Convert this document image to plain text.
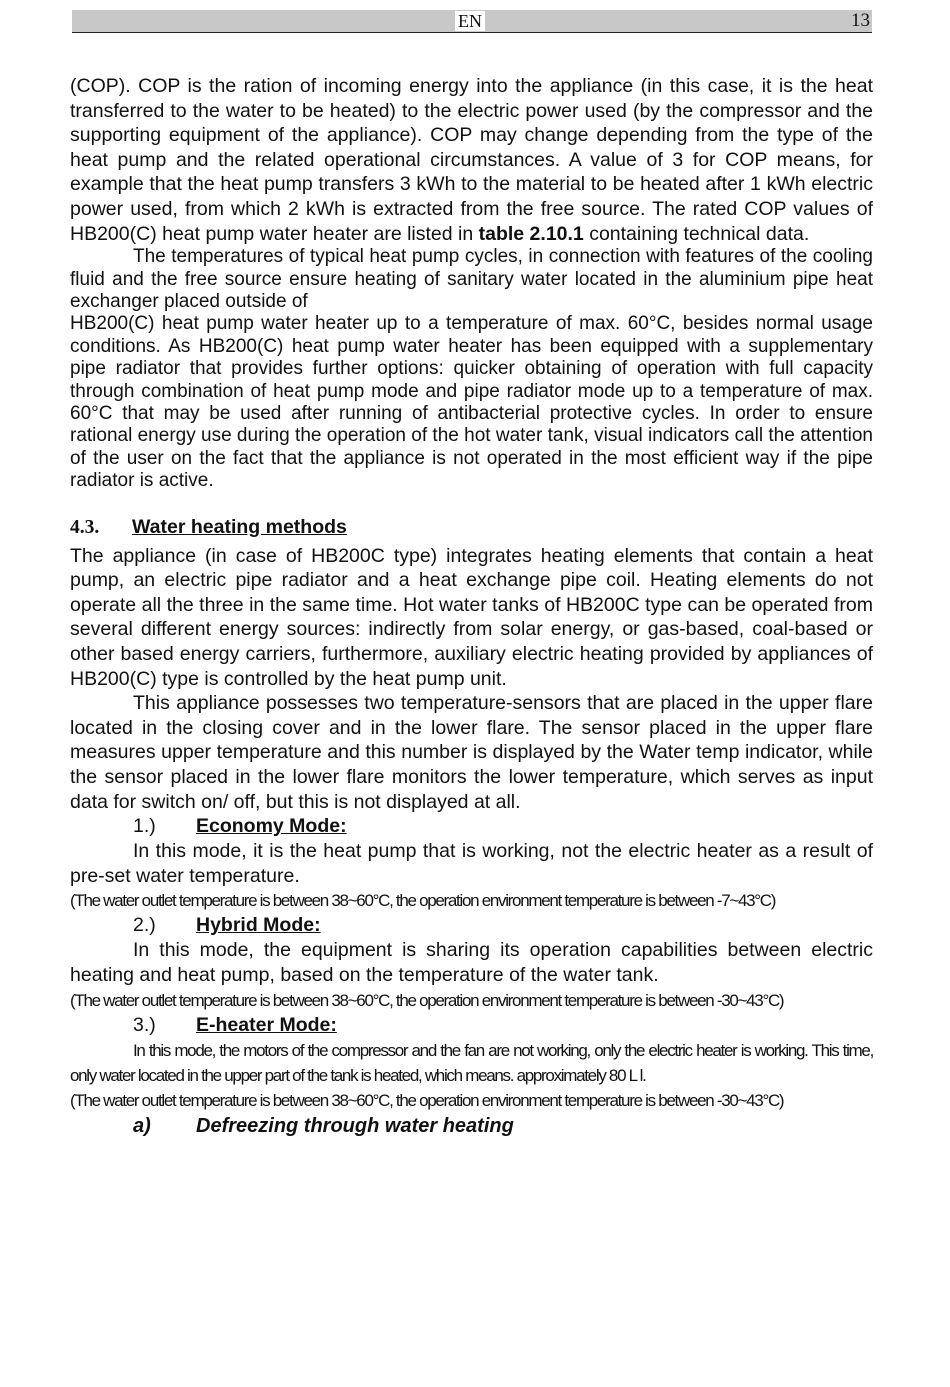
EN	13

(COP). COP is the ration of incoming energy into the appliance (in this case, it is the heat transferred to the water to be heated) to the electric power used (by the compressor and the supporting equipment of the appliance). COP may change depending from the type of the heat pump and the related operational circumstances. A value of 3 for COP means, for example that the heat pump transfers 3 kWh to the material to be heated after 1 kWh electric power used, from which 2 kWh is extracted from the free source. The rated COP values of HB200(C) heat pump water heater are listed in table 2.10.1 containing technical data.

The temperatures of typical heat pump cycles, in connection with features of the cooling fluid and the free source ensure heating of sanitary water located in the aluminium pipe heat exchanger placed outside of

HB200(C) heat pump water heater up to a temperature of max. 60°C, besides normal usage conditions. As HB200(C) heat pump water heater has been equipped with a supplementary pipe radiator that provides further options: quicker obtaining of operation with full capacity through combination of heat pump mode and pipe radiator mode up to a temperature of max. 60°C that may be used after running of antibacterial protective cycles. In order to ensure rational energy use during the operation of the hot water tank, visual indicators call the attention of the user on the fact that the appliance is not operated in the most efficient way if the pipe radiator is active.

4.3. Water heating methods

The appliance (in case of HB200C type) integrates heating elements that contain a heat pump, an electric pipe radiator and a heat exchange pipe coil. Heating elements do not operate all the three in the same time. Hot water tanks of HB200C type can be operated from several different energy sources: indirectly from solar energy, or gas-based, coal-based or other based energy carriers, furthermore, auxiliary electric heating provided by appliances of HB200(C) type is controlled by the heat pump unit.

This appliance possesses two temperature-sensors that are placed in the upper flare located in the closing cover and in the lower flare. The sensor placed in the upper flare measures upper temperature and this number is displayed by the Water temp indicator, while the sensor placed in the lower flare monitors the lower temperature, which serves as input data for switch on/ off, but this is not displayed at all.

1.) Economy Mode:

In this mode, it is the heat pump that is working, not the electric heater as a result of pre-set water temperature.

(The water outlet temperature is between 38~60°C, the operation environment temperature is between -7~43°C)
2.) Hybrid Mode:

In this mode, the equipment is sharing its operation capabilities between electric heating and heat pump, based on the temperature of the water tank.

(The water outlet temperature is between 38~60°C, the operation environment temperature is between -30~43°C)
3.) E-heater Mode:
In this mode, the motors of the compressor and the fan are not working, only the electric heater is working. This time, only water located in the upper part of the tank is heated, which means. approximately 80 L l.
(The water outlet temperature is between 38~60°C, the operation environment temperature is between -30~43°C)
a) Defreezing through water heating
